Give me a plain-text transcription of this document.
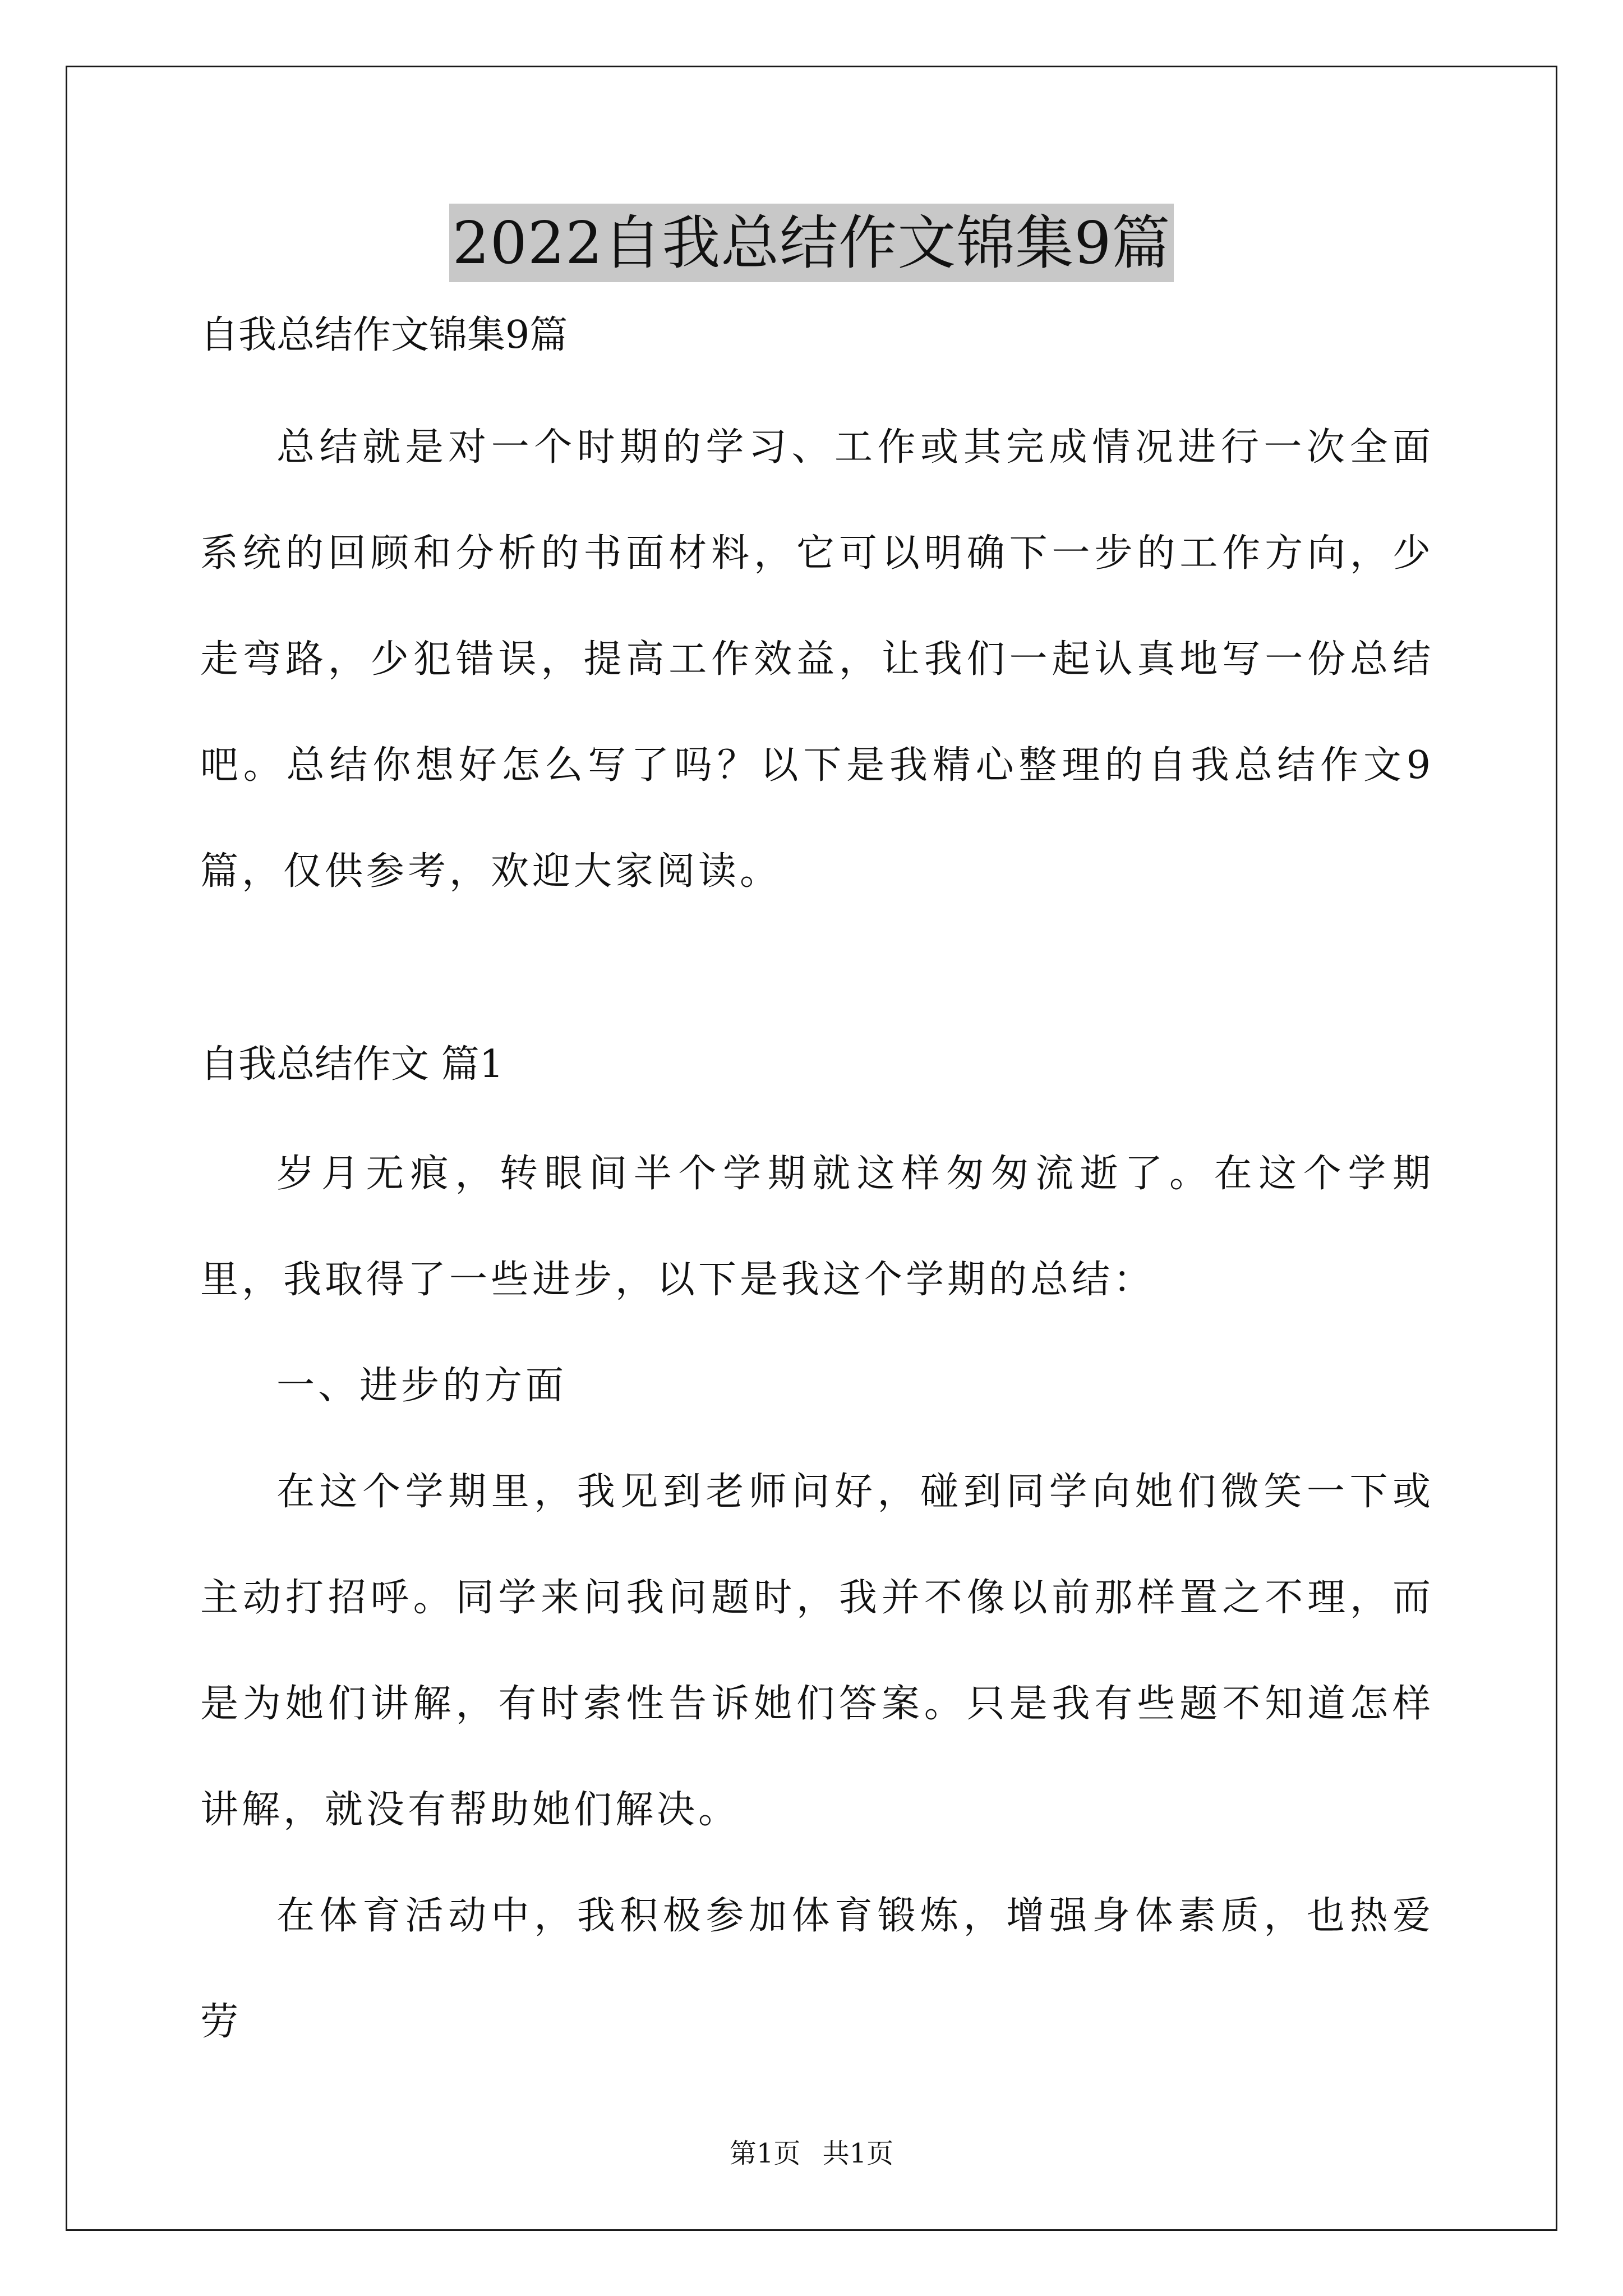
2022自我总结作文锦集9篇

自我总结作文锦集9篇

总结就是对一个时期的学习、工作或其完成情况进行一次全面系统的回顾和分析的书面材料，它可以明确下一步的工作方向，少走弯路，少犯错误，提高工作效益，让我们一起认真地写一份总结吧。总结你想好怎么写了吗？以下是我精心整理的自我总结作文9篇，仅供参考，欢迎大家阅读。

自我总结作文 篇1

岁月无痕，转眼间半个学期就这样匆匆流逝了。在这个学期里，我取得了一些进步，以下是我这个学期的总结：

一、进步的方面

在这个学期里，我见到老师问好，碰到同学向她们微笑一下或主动打招呼。同学来问我问题时，我并不像以前那样置之不理，而是为她们讲解，有时索性告诉她们答案。只是我有些题不知道怎样讲解，就没有帮助她们解决。

在体育活动中，我积极参加体育锻炼，增强身体素质，也热爱劳

第1页 共1页
